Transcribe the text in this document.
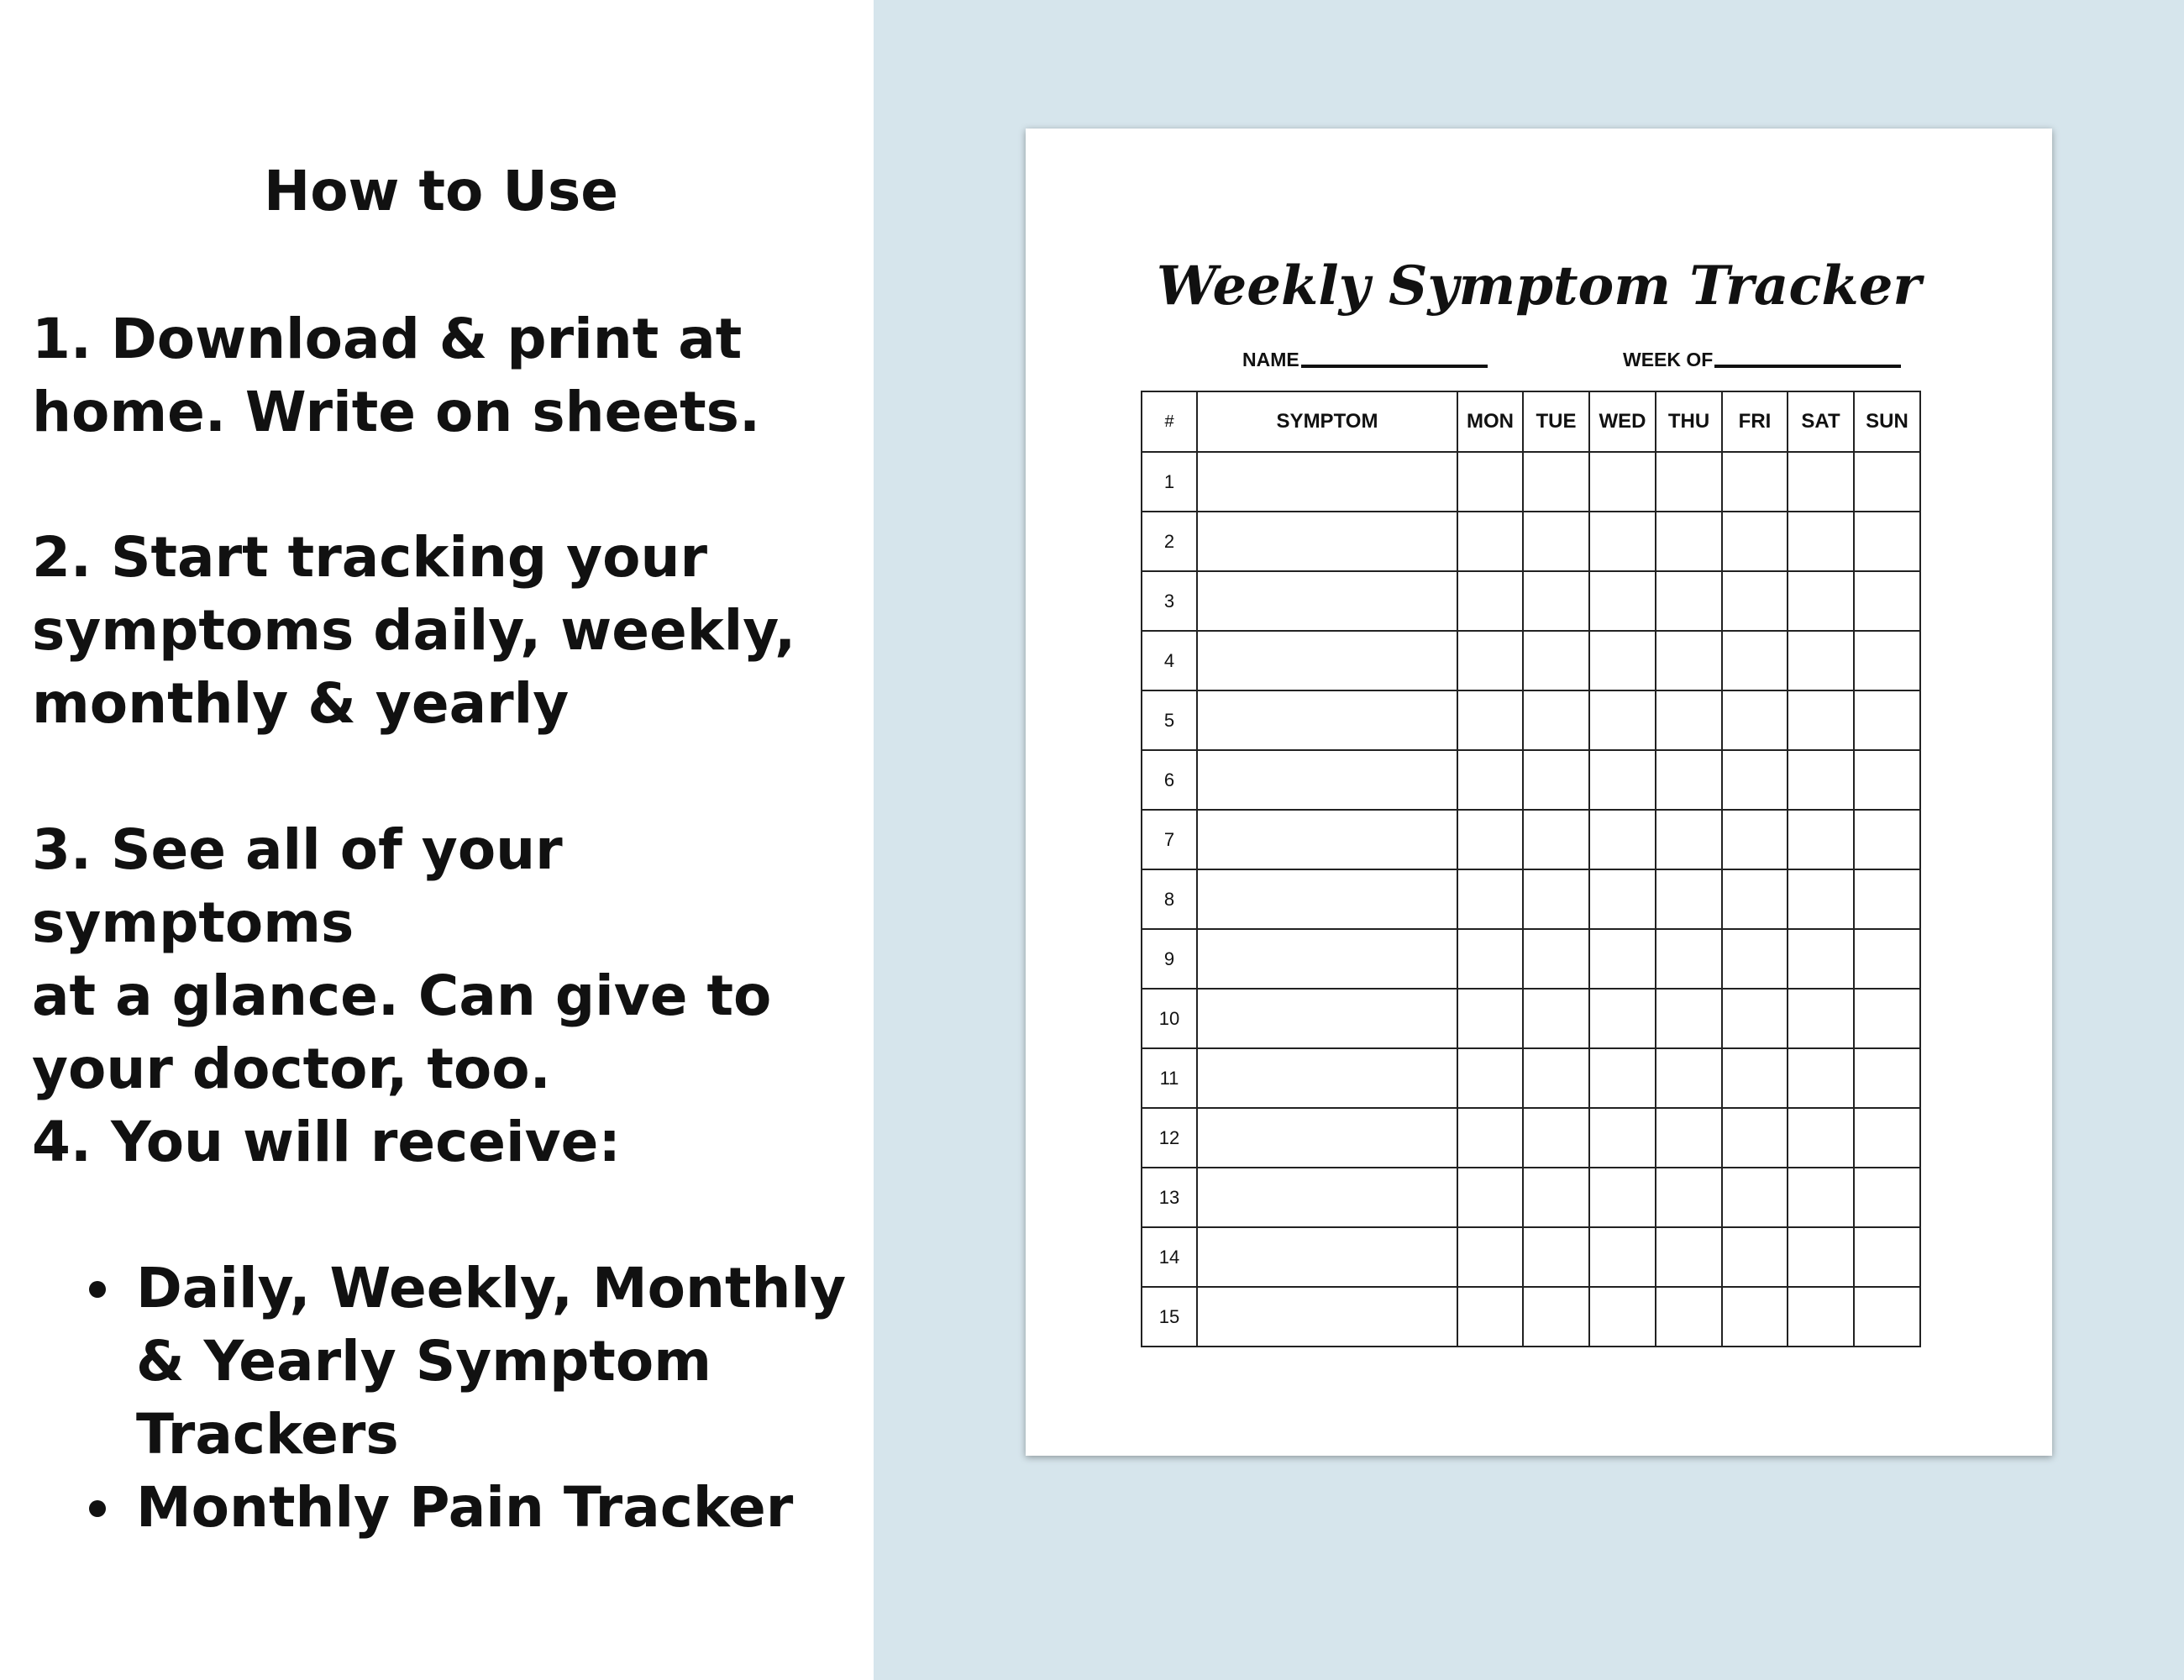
How to Use
1. Download & print at
home. Write on sheets.
2. Start tracking your
symptoms daily, weekly,
monthly & yearly
3. See all of your symptoms
at a glance. Can give to
your doctor, too.
4. You will receive:
Daily, Weekly, Monthly
& Yearly Symptom
Trackers
Monthly Pain Tracker
Weekly Symptom Tracker
NAME	WEEK OF
#	SYMPTOM	MON	TUE	WED	THU	FRI	SAT	SUN
1								
2								
3								
4								
5								
6								
7								
8								
9								
10								
11								
12								
13								
14								
15								
